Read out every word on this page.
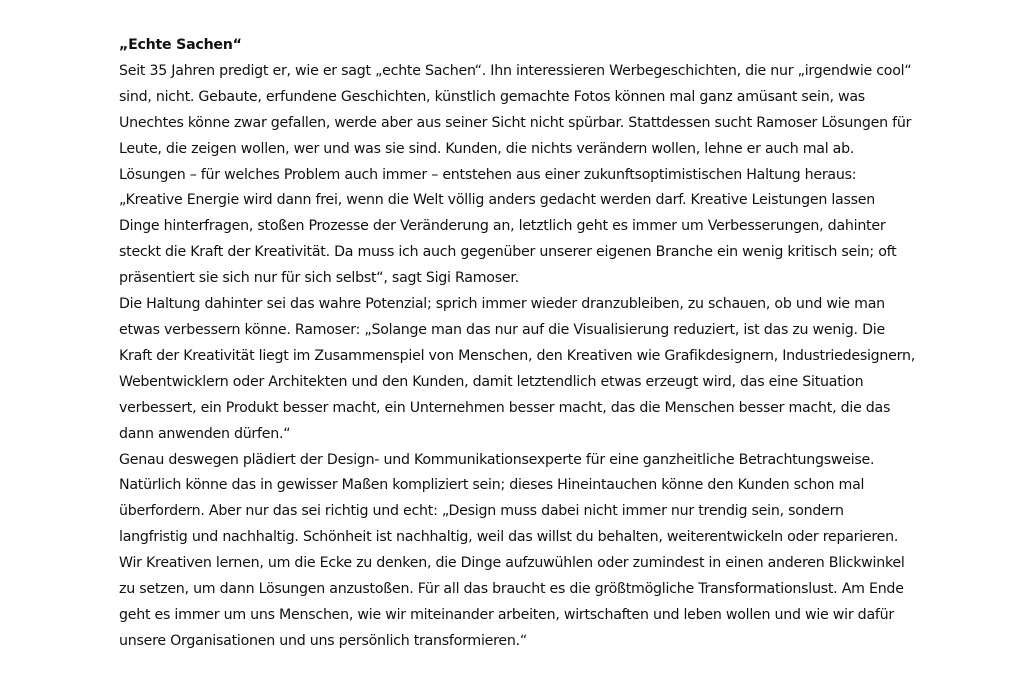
„Echte Sachen“

Seit 35 Jahren predigt er, wie er sagt „echte Sachen“. Ihn interessieren Werbegeschichten, die nur „irgendwie cool“
sind, nicht. Gebaute, erfundene Geschichten, künstlich gemachte Fotos können mal ganz amüsant sein, was
Unechtes könne zwar gefallen, werde aber aus seiner Sicht nicht spürbar. Stattdessen sucht Ramoser Lösungen für
Leute, die zeigen wollen, wer und was sie sind. Kunden, die nichts verändern wollen, lehne er auch mal ab.
Lösungen – für welches Problem auch immer – entstehen aus einer zukunftsoptimistischen Haltung heraus:
„Kreative Energie wird dann frei, wenn die Welt völlig anders gedacht werden darf. Kreative Leistungen lassen
Dinge hinterfragen, stoßen Prozesse der Veränderung an, letztlich geht es immer um Verbesserungen, dahinter
steckt die Kraft der Kreativität. Da muss ich auch gegenüber unserer eigenen Branche ein wenig kritisch sein; oft
präsentiert sie sich nur für sich selbst“, sagt Sigi Ramoser.

Die Haltung dahinter sei das wahre Potenzial; sprich immer wieder dranzubleiben, zu schauen, ob und wie man
etwas verbessern könne. Ramoser: „Solange man das nur auf die Visualisierung reduziert, ist das zu wenig. Die
Kraft der Kreativität liegt im Zusammenspiel von Menschen, den Kreativen wie Grafikdesignern, Industriedesignern,
Webentwicklern oder Architekten und den Kunden, damit letztendlich etwas erzeugt wird, das eine Situation
verbessert, ein Produkt besser macht, ein Unternehmen besser macht, das die Menschen besser macht, die das
dann anwenden dürfen.“

Genau deswegen plädiert der Design- und Kommunikationsexperte für eine ganzheitliche Betrachtungsweise.
Natürlich könne das in gewisser Maßen kompliziert sein; dieses Hineintauchen könne den Kunden schon mal
überfordern. Aber nur das sei richtig und echt: „Design muss dabei nicht immer nur trendig sein, sondern
langfristig und nachhaltig. Schönheit ist nachhaltig, weil das willst du behalten, weiterentwickeln oder reparieren.
Wir Kreativen lernen, um die Ecke zu denken, die Dinge aufzuwühlen oder zumindest in einen anderen Blickwinkel
zu setzen, um dann Lösungen anzustoßen. Für all das braucht es die größtmögliche Transformationslust. Am Ende
geht es immer um uns Menschen, wie wir miteinander arbeiten, wirtschaften und leben wollen und wie wir dafür
unsere Organisationen und uns persönlich transformieren.“
